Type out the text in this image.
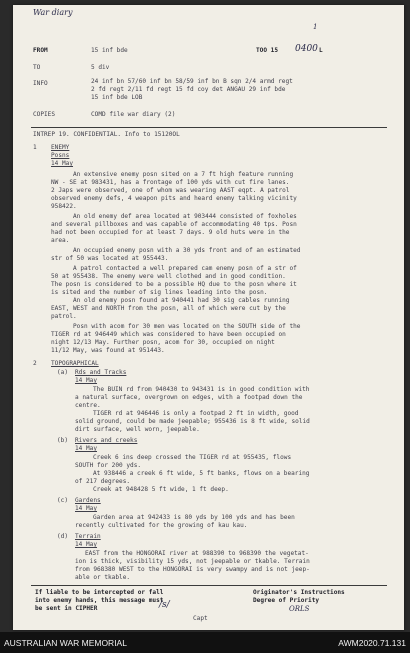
War diary
1
FROM	15 inf bde	TOO 15 0400 L
TO	5 div
INFO	24 inf bn 57/60 inf bn 58/59 inf bn B sqn 2/4 armd regt
2 fd regt 2/11 fd regt 15 fd coy det ANGAU 29 inf bde
15 inf bde LOB
COPIES	COMD file war diary (2)
INTREP 19. CONFIDENTIAL. Info to 15120OL
1 ENEMY
Posns
14 May
An extensive enemy posn sited on a 7 ft high feature running
NW - SE at 983431, has a frontage of 100 yds with cut fire lanes.
2 Japs were observed, one of whom was wearing AAST eqpt. A patrol
observed enemy defs, 4 weapon pits and heard enemy talking vicinity
958422.
An old enemy def area located at 903444 consisted of foxholes
and several pillboxes and was capable of accommodating 40 tps. Posn
had not been occupied for at least 7 days. 9 old huts were in the
area.
An occupied enemy posn with a 30 yds front and of an estimated
str of 50 was located at 955443.
A patrol contacted a well prepared cam enemy posn of a str of
50 at 955438. The enemy were well clothed and in good condition.
The posn is considered to be a possible HQ due to the posn where it
is sited and the number of sig lines leading into the posn.
An old enemy posn found at 940441 had 30 sig cables running
EAST, WEST and NORTH from the posn, all of which were cut by the
patrol.
Posn with acom for 30 men was located on the SOUTH side of the
TIGER rd at 946449 which was considered to have been occupied on
night 12/13 May. Further posn, acom for 30, occupied on night
11/12 May, was found at 951443.
2 TOPOGRAPHICAL
(a) Rds and Tracks
14 May
The BUIN rd from 940430 to 943431 is in good condition with
a natural surface, overgrown on edges, with a footpad down the
centre.
TIGER rd at 946446 is only a footpad 2 ft in width, good
solid ground, could be made jeepable; 955436 is 8 ft wide, solid
dirt surface, well worn, jeepable.
(b) Rivers and creeks
14 May
Creek 6 ins deep crossed the TIGER rd at 955435, flows
SOUTH for 200 yds.
At 938446 a creek 6 ft wide, 5 ft banks, flows on a bearing
of 217 degrees.
Creek at 948428 5 ft wide, 1 ft deep.
(c) Gardens
14 May
Garden area at 942433 is 80 yds by 100 yds and has been
recently cultivated for the growing of kau kau.
(d) Terrain
14 May
EAST from the HONGORAI river at 988390 to 968390 the vegetat-
ion is thick, visibility 15 yds, not jeepable or tkable. Terrain
from 968380 WEST to the HONGORAI is very swampy and is not jeep-
able or tkable.
If liable to be intercepted or fall
into enemy hands, this message must
be sent in CIPHER	/s/
Capt
Originator's Instructions
Degree of Priority
ORLS
AUSTRALIAN WAR MEMORIAL	AWM2020.71.131
